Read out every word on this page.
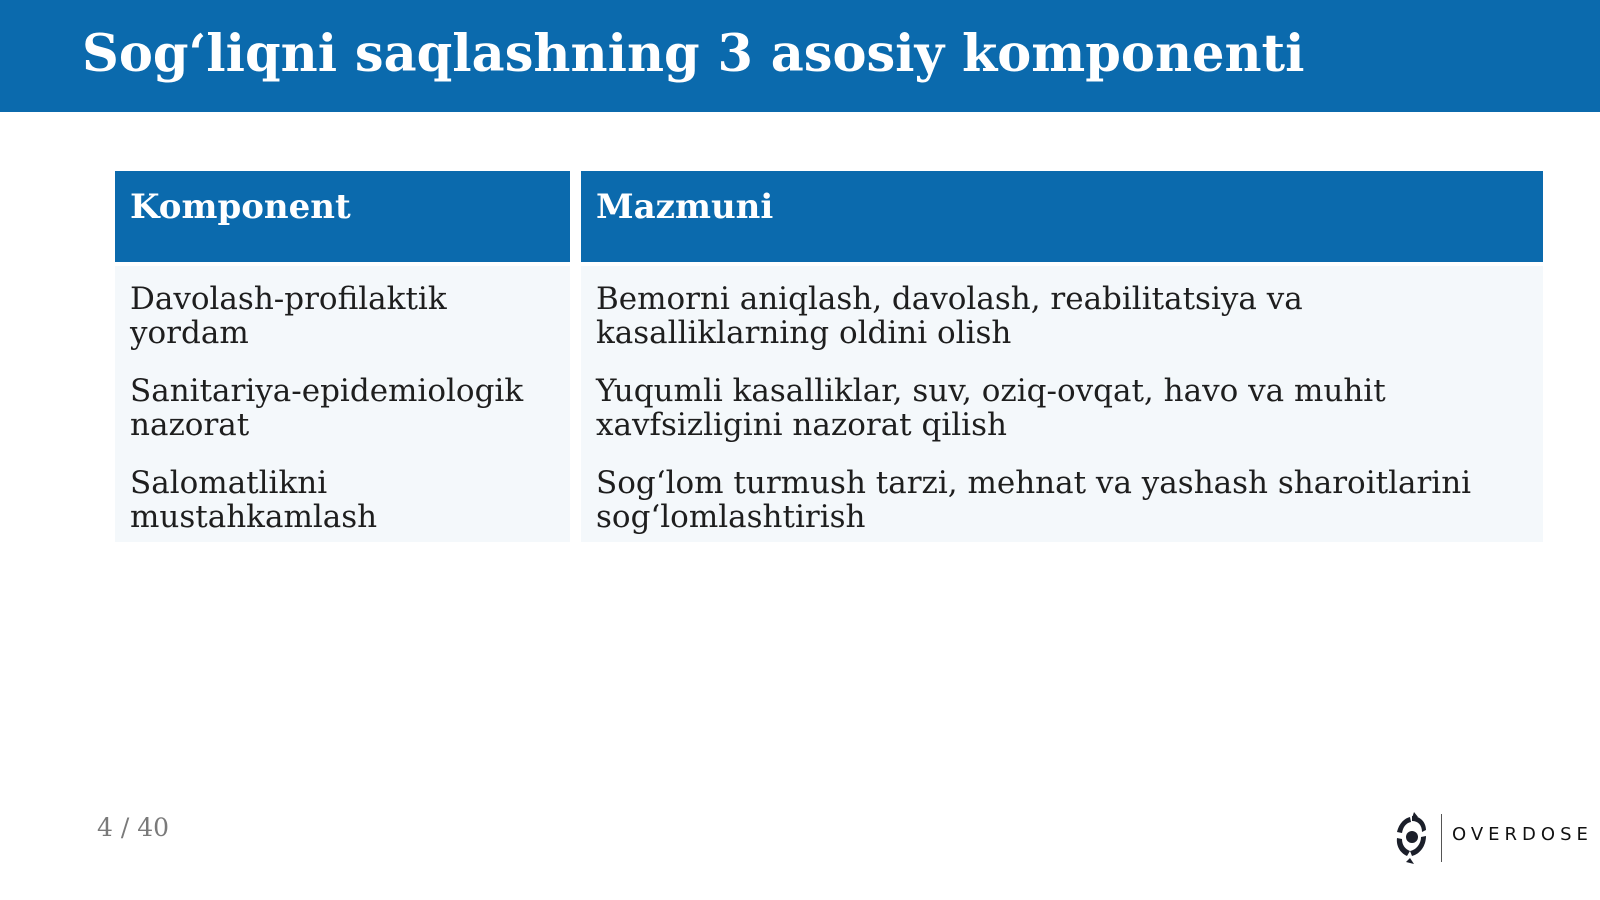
Sog‘liqni saqlashning 3 asosiy komponenti
Komponent	Mazmuni
Davolash-profilaktik yordam
Bemorni aniqlash, davolash, reabilitatsiya va kasalliklarning oldini olish
Sanitariya-epidemiologik nazorat
Yuqumli kasalliklar, suv, oziq-ovqat, havo va muhit xavfsizligini nazorat qilish
Salomatlikni mustahkamlash
Sog‘lom turmush tarzi, mehnat va yashash sharoitlarini sog‘lomlashtirish
4 / 40	OVERDOSE
